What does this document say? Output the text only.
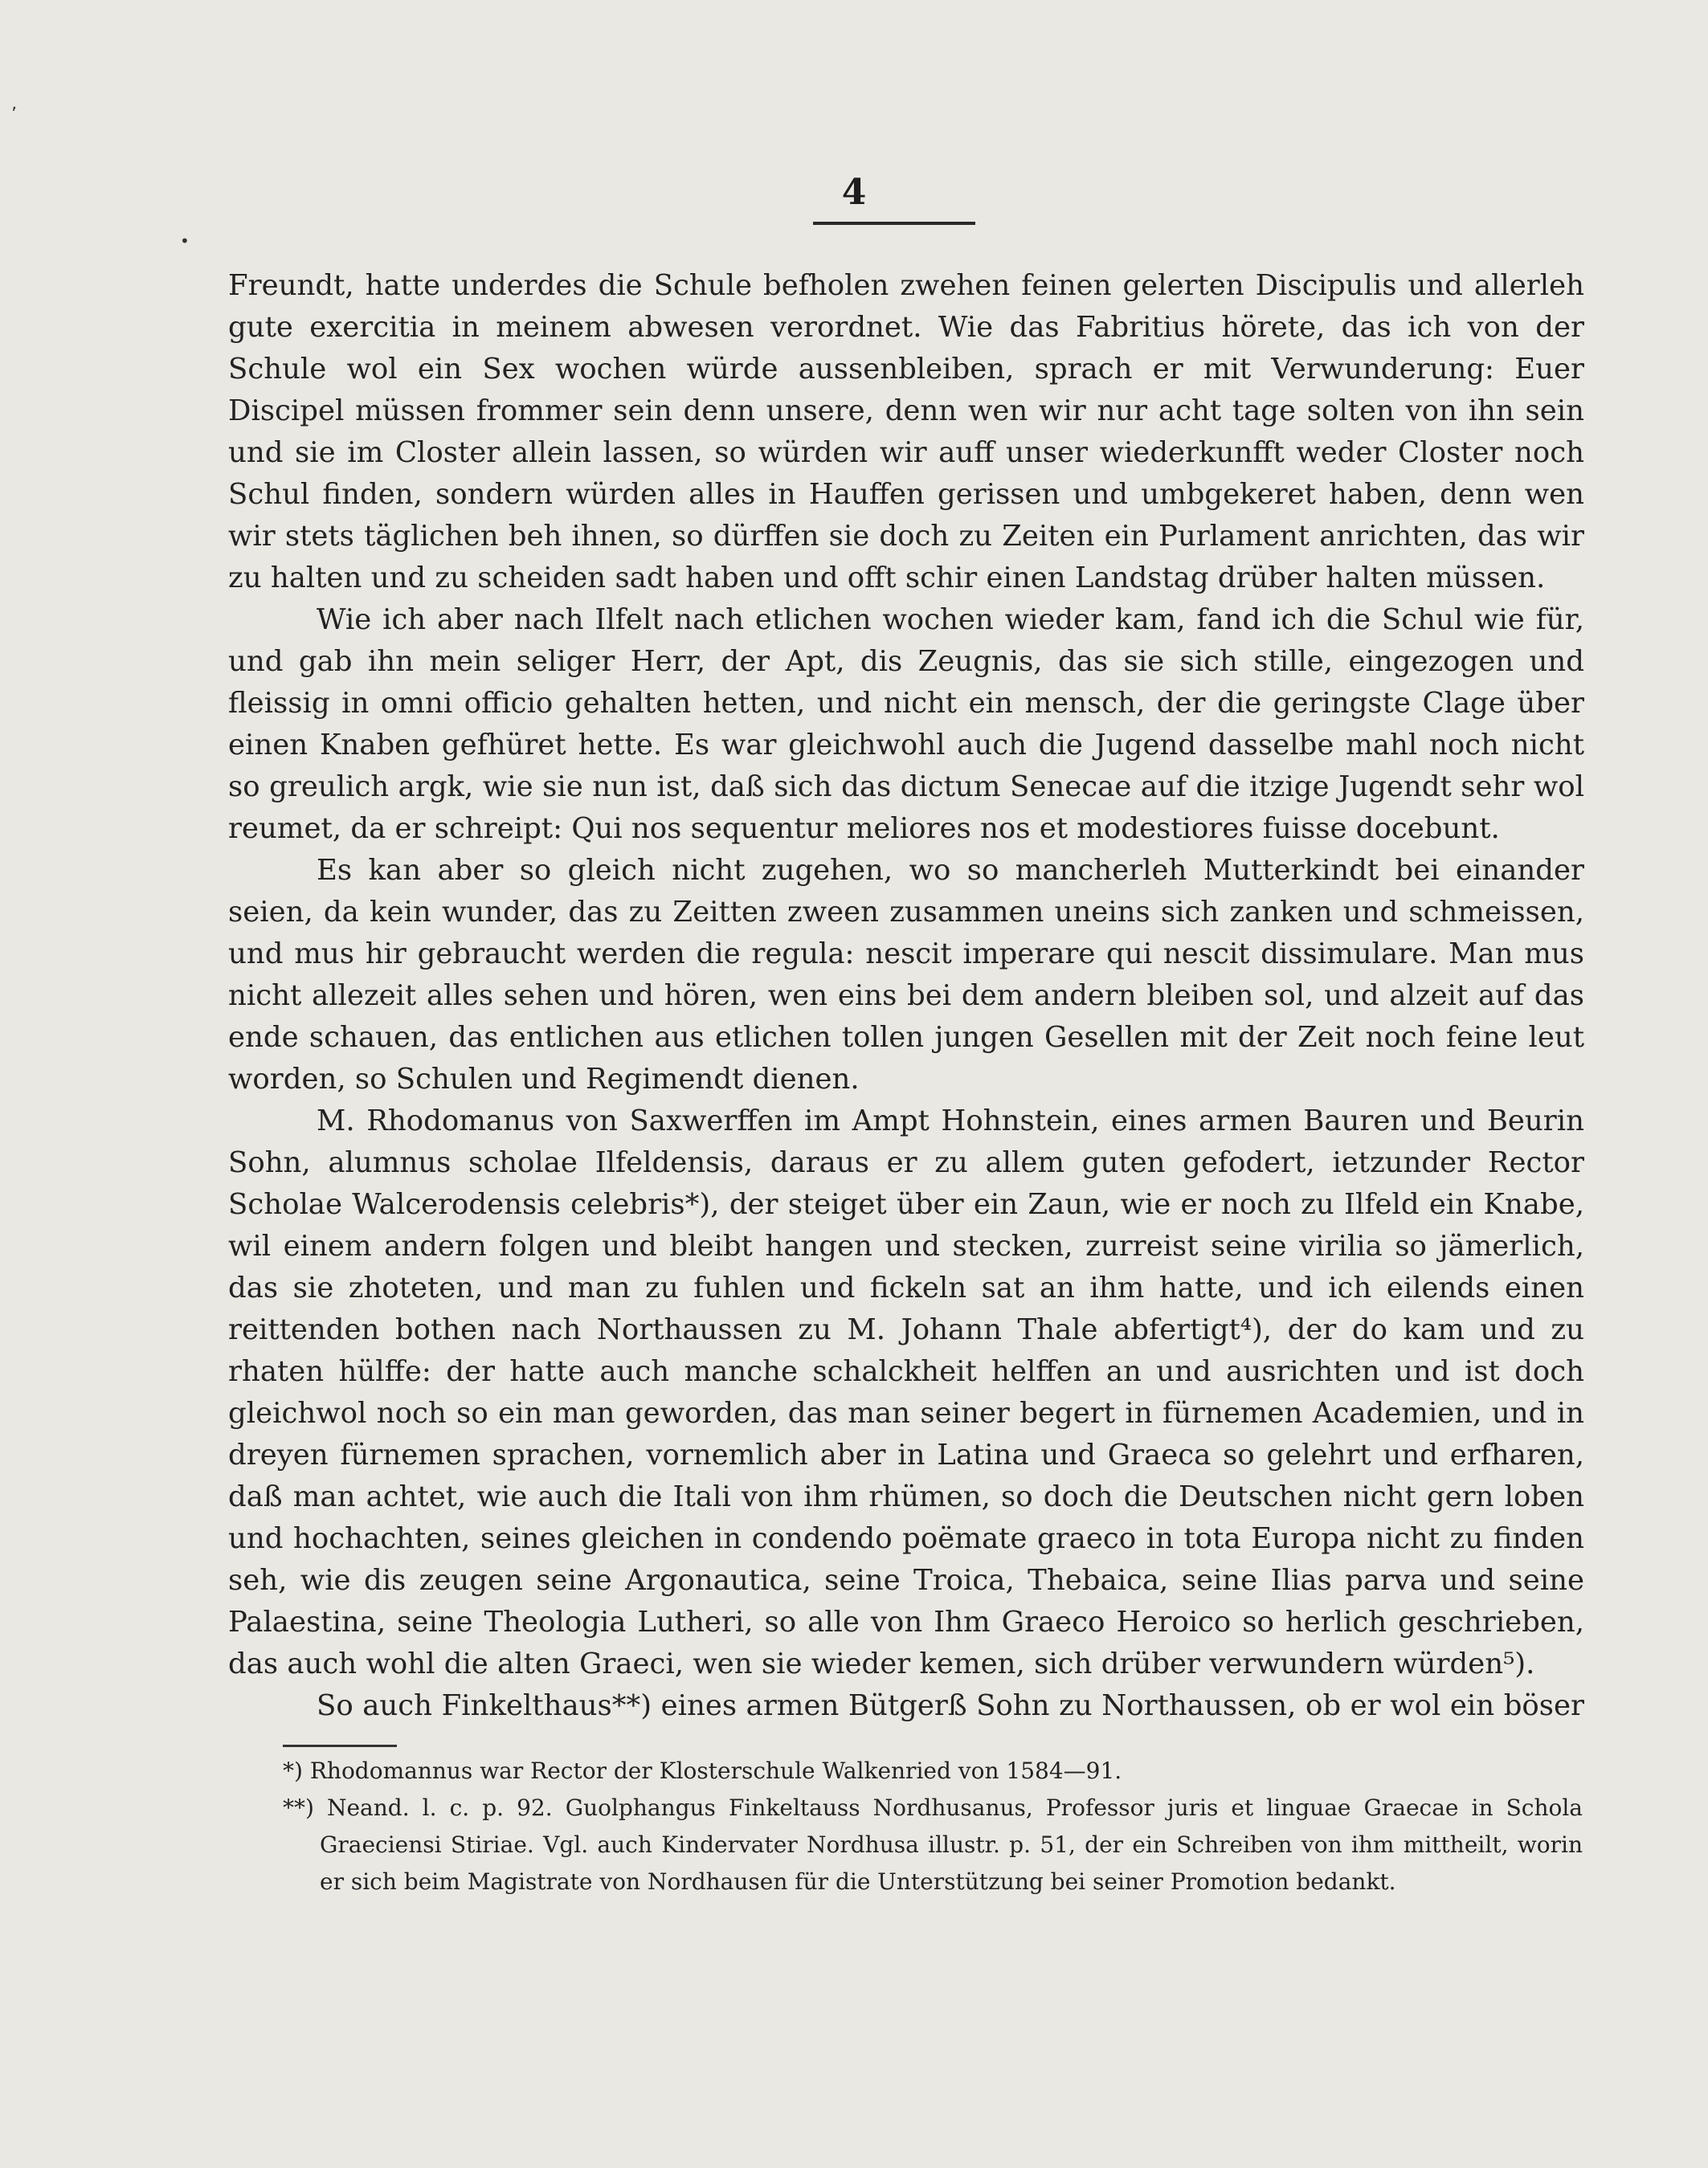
ʼ
•
4

Freundt, hatte underdes die Schule befholen zwehen feinen gelerten Discipulis und allerleh gute exercitia in meinem abwesen verordnet. Wie das Fabritius hörete, das ich von der Schule wol ein Sex wochen würde aussenbleiben, sprach er mit Verwunderung: Euer Discipel müssen frommer sein denn unsere, denn wen wir nur acht tage solten von ihn sein und sie im Closter allein lassen, so würden wir auff unser wiederkunfft weder Closter noch Schul finden, sondern würden alles in Hauffen gerissen und umbgekeret haben, denn wen wir stets täglichen beh ihnen, so dürffen sie doch zu Zeiten ein Purlament anrichten, das wir zu halten und zu scheiden sadt haben und offt schir einen Landstag drüber halten müssen.

Wie ich aber nach Ilfelt nach etlichen wochen wieder kam, fand ich die Schul wie für, und gab ihn mein seliger Herr, der Apt, dis Zeugnis, das sie sich stille, eingezogen und fleissig in omni officio gehalten hetten, und nicht ein mensch, der die geringste Clage über einen Knaben gefhüret hette. Es war gleichwohl auch die Jugend dasselbe mahl noch nicht so greulich argk, wie sie nun ist, daß sich das dictum Senecae auf die itzige Jugendt sehr wol reumet, da er schreipt: Qui nos sequentur meliores nos et modestiores fuisse docebunt.

Es kan aber so gleich nicht zugehen, wo so mancherleh Mutterkindt bei einander seien, da kein wunder, das zu Zeitten zween zusammen uneins sich zanken und schmeissen, und mus hir gebraucht werden die regula: nescit imperare qui nescit dissimulare. Man mus nicht allezeit alles sehen und hören, wen eins bei dem andern bleiben sol, und alzeit auf das ende schauen, das entlichen aus etlichen tollen jungen Gesellen mit der Zeit noch feine leut worden, so Schulen und Regimendt dienen.

M. Rhodomanus von Saxwerffen im Ampt Hohnstein, eines armen Bauren und Beurin Sohn, alumnus scholae Ilfeldensis, daraus er zu allem guten gefodert, ietzunder Rector Scholae Walcerodensis celebris*), der steiget über ein Zaun, wie er noch zu Ilfeld ein Knabe, wil einem andern folgen und bleibt hangen und stecken, zurreist seine virilia so jämerlich, das sie zhoteten, und man zu fuhlen und fickeln sat an ihm hatte, und ich eilends einen reittenden bothen nach Northaussen zu M. Johann Thale abfertigt⁴), der do kam und zu rhaten hülffe: der hatte auch manche schalckheit helffen an und ausrichten und ist doch gleichwol noch so ein man geworden, das man seiner begert in fürnemen Academien, und in dreyen fürnemen sprachen, vornemlich aber in Latina und Graeca so gelehrt und erfharen, daß man achtet, wie auch die Itali von ihm rhümen, so doch die Deutschen nicht gern loben und hochachten, seines gleichen in condendo poëmate graeco in tota Europa nicht zu finden seh, wie dis zeugen seine Argonautica, seine Troica, Thebaica, seine Ilias parva und seine Palaestina, seine Theologia Lutheri, so alle von Ihm Graeco Heroico so herlich geschrieben, das auch wohl die alten Graeci, wen sie wieder kemen, sich drüber verwundern würden⁵).

So auch Finkelthaus**) eines armen Bütgerß Sohn zu Northaussen, ob er wol ein böser

*) Rhodomannus war Rector der Klosterschule Walkenried von 1584—91.

**) Neand. l. c. p. 92. Guolphangus Finkeltauss Nordhusanus, Professor juris et linguae Graecae in Schola Graeciensi Stiriae. Vgl. auch Kindervater Nordhusa illustr. p. 51, der ein Schreiben von ihm mittheilt, worin er sich beim Magistrate von Nordhausen für die Unterstützung bei seiner Promotion bedankt.
